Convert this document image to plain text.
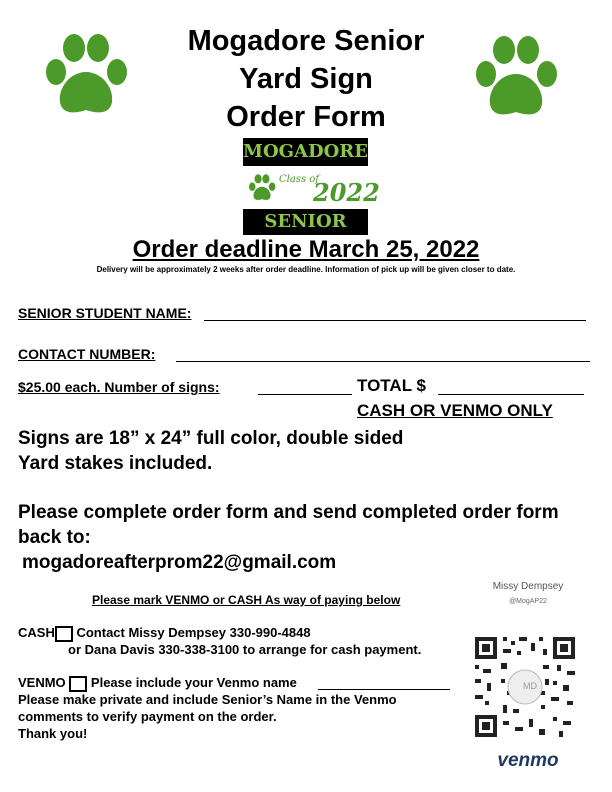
Mogadore Senior
Yard Sign
Order Form
MOGADORE
Class of
2022
SENIOR
Order deadline March 25, 2022
Delivery will be approximately 2 weeks after order deadline. Information of pick up will be given closer to date.
SENIOR STUDENT NAME:
CONTACT NUMBER:
$25.00 each. Number of signs:	TOTAL $
CASH OR VENMO ONLY
Signs are 18” x 24” full color, double sided
Yard stakes included.
Please complete order form and send completed order form
back to:
mogadoreafterprom22@gmail.com
Please mark VENMO or CASH As way of paying below
CASH Contact Missy Dempsey 330-990-4848
or Dana Davis 330-338-3100 to arrange for cash payment.
VENMO Please include your Venmo name
Please make private and include Senior’s Name in the Venmo
comments to verify payment on the order.
Thank you!
Missy Dempsey
@MogAP22
MD
venmo
